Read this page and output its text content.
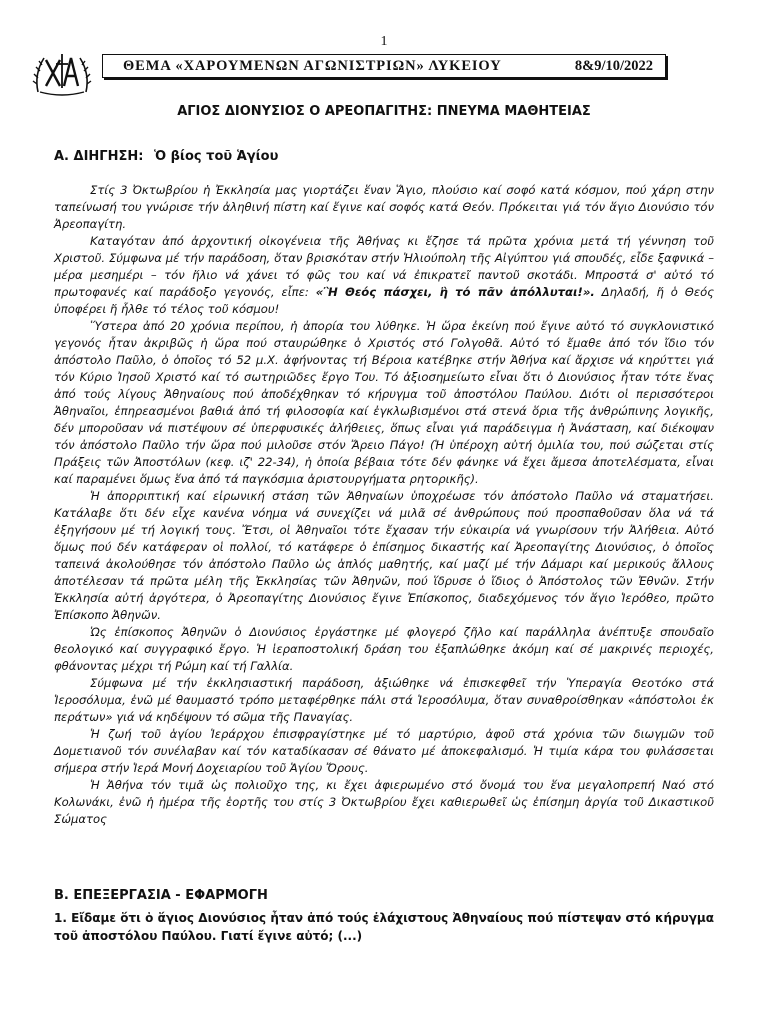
1
ΘΕΜΑ «ΧΑΡΟΥΜΕΝΩΝ ΑΓΩΝΙΣΤΡΙΩΝ» ΛΥΚΕΙΟΥ	8&9/10/2022
ΑΓΙΟΣ ΔΙΟΝΥΣΙΟΣ Ο ΑΡΕΟΠΑΓΙΤΗΣ: ΠΝΕΥΜΑ ΜΑΘΗΤΕΙΑΣ
Α. ΔΙΗΓΗΣΗ: Ὁ βίος τοῦ Ἁγίου

Στίς 3 Ὀκτωβρίου ἡ Ἐκκλησία μας γιορτάζει ἕναν Ἅγιο, πλούσιο καί σοφό κατά κόσμον, πού χάρη στην ταπείνωσή του γνώρισε τήν ἀληθινή πίστη καί ἔγινε καί σοφός κατά Θεόν. Πρόκειται γιά τόν ἅγιο Διονύσιο τόν Ἀρεοπαγίτη.

Καταγόταν ἀπό ἀρχοντική οἰκογένεια τῆς Ἀθήνας κι ἔζησε τά πρῶτα χρόνια μετά τή γέννηση τοῦ Χριστοῦ. Σύμφωνα μέ τήν παράδοση, ὅταν βρισκόταν στήν Ἡλιούπολη τῆς Αἰγύπτου γιά σπουδές, εἶδε ξαφνικά – μέρα μεσημέρι – τόν ἥλιο νά χάνει τό φῶς του καί νά ἐπικρατεῖ παντοῦ σκοτάδι. Μπροστά σ' αὐτό τό πρωτοφανές καί παράδοξο γεγονός, εἶπε: «Ἢ Θεός πάσχει, ἢ τό πᾶν ἀπόλλυται!». Δηλαδή, ἤ ὁ Θεός ὑποφέρει ἤ ἦλθε τό τέλος τοῦ κόσμου!

Ὕστερα ἀπό 20 χρόνια περίπου, ἡ ἀπορία του λύθηκε. Ἡ ὥρα ἐκείνη πού ἔγινε αὐτό τό συγκλονιστικό γεγονός ἦταν ἀκριβῶς ἡ ὥρα πού σταυρώθηκε ὁ Χριστός στό Γολγοθᾶ. Αὐτό τό ἔμαθε ἀπό τόν ἴδιο τόν ἀπόστολο Παῦλο, ὁ ὁποῖος τό 52 μ.Χ. ἀφήνοντας τή Βέροια κατέβηκε στήν Ἀθήνα καί ἄρχισε νά κηρύττει γιά τόν Κύριο Ἰησοῦ Χριστό καί τό σωτηριῶδες ἔργο Του. Τό ἀξιοσημείωτο εἶναι ὅτι ὁ Διονύσιος ἦταν τότε ἕνας ἀπό τούς λίγους Ἀθηναίους πού ἀποδέχθηκαν τό κήρυγμα τοῦ ἀποστόλου Παύλου. Διότι οἱ περισσότεροι Ἀθηναῖοι, ἐπηρεασμένοι βαθιά ἀπό τή φιλοσοφία καί ἐγκλωβισμένοι στά στενά ὅρια τῆς ἀνθρώπινης λογικῆς, δέν μποροῦσαν νά πιστέψουν σέ ὑπερφυσικές ἀλήθειες, ὅπως εἶναι γιά παράδειγμα ἡ Ἀνάσταση, καί διέκοψαν τόν ἀπόστολο Παῦλο τήν ὥρα πού μιλοῦσε στόν Ἄρειο Πάγο! (Ἡ ὑπέροχη αὐτή ὁμιλία του, πού σώζεται στίς Πράξεις τῶν Ἀποστόλων (κεφ. ιζ' 22-34), ἡ ὁποία βέβαια τότε δέν φάνηκε νά ἔχει ἄμεσα ἀποτελέσματα, εἶναι καί παραμένει ὅμως ἕνα ἀπό τά παγκόσμια ἀριστουργήματα ρητορικῆς).

Ἡ ἀπορριπτική καί εἰρωνική στάση τῶν Ἀθηναίων ὑποχρέωσε τόν ἀπόστολο Παῦλο νά σταματήσει. Κατάλαβε ὅτι δέν εἶχε κανένα νόημα νά συνεχίζει νά μιλᾶ σέ ἀνθρώπους πού προσπαθοῦσαν ὅλα νά τά ἐξηγήσουν μέ τή λογική τους. Ἔτσι, οἱ Ἀθηναῖοι τότε ἔχασαν τήν εὐκαιρία νά γνωρίσουν τήν Ἀλήθεια. Αὐτό ὅμως πού δέν κατάφεραν οἱ πολλοί, τό κατάφερε ὁ ἐπίσημος δικαστής καί Ἀρεοπαγίτης Διονύσιος, ὁ ὁποῖος ταπεινά ἀκολούθησε τόν ἀπόστολο Παῦλο ὡς ἁπλός μαθητής, καί μαζί μέ τήν Δάμαρι καί μερικούς ἄλλους ἀποτέλεσαν τά πρῶτα μέλη τῆς Ἐκκλησίας τῶν Ἀθηνῶν, πού ἵδρυσε ὁ ἴδιος ὁ Ἀπόστολος τῶν Ἐθνῶν. Στήν Ἐκκλησία αὐτή ἀργότερα, ὁ Ἀρεοπαγίτης Διονύσιος ἔγινε Ἐπίσκοπος, διαδεχόμενος τόν ἅγιο Ἱερόθεο, πρῶτο Ἐπίσκοπο Ἀθηνῶν.

Ὡς ἐπίσκοπος Ἀθηνῶν ὁ Διονύσιος ἐργάστηκε μέ φλογερό ζῆλο καί παράλληλα ἀνέπτυξε σπουδαῖο θεολογικό καί συγγραφικό ἔργο. Ἡ ἱεραποστολική δράση του ἐξαπλώθηκε ἀκόμη καί σέ μακρινές περιοχές, φθάνοντας μέχρι τή Ρώμη καί τή Γαλλία.

Σύμφωνα μέ τήν ἐκκλησιαστική παράδοση, ἀξιώθηκε νά ἐπισκεφθεῖ τήν Ὑπεραγία Θεοτόκο στά Ἱεροσόλυμα, ἐνῶ μέ θαυμαστό τρόπο μεταφέρθηκε πάλι στά Ἱεροσόλυμα, ὅταν συναθροίσθηκαν «ἀπόστολοι ἐκ περάτων» γιά νά κηδέψουν τό σῶμα τῆς Παναγίας.

Ἡ ζωή τοῦ ἁγίου Ἱεράρχου ἐπισφραγίστηκε μέ τό μαρτύριο, ἀφοῦ στά χρόνια τῶν διωγμῶν τοῦ Δομετιανοῦ τόν συνέλαβαν καί τόν καταδίκασαν σέ θάνατο μέ ἀποκεφαλισμό. Ἡ τιμία κάρα του φυλάσσεται σήμερα στήν Ἱερά Μονή Δοχειαρίου τοῦ Ἁγίου Ὄρους.

Ἡ Ἀθήνα τόν τιμᾶ ὡς πολιοῦχο της, κι ἔχει ἀφιερωμένο στό ὄνομά του ἕνα μεγαλοπρεπή Ναό στό Κολωνάκι, ἐνῶ ἡ ἡμέρα τῆς ἑορτῆς του στίς 3 Ὀκτωβρίου ἔχει καθιερωθεῖ ὡς ἐπίσημη ἀργία τοῦ Δικαστικοῦ Σώματος

Β. ΕΠΕΞΕΡΓΑΣΙΑ - ΕΦΑΡΜΟΓΗ
1. Εἴδαμε ὅτι ὁ ἅγιος Διονύσιος ἦταν ἀπό τούς ἐλάχιστους Ἀθηναίους πού πίστεψαν στό κήρυγμα τοῦ ἀποστόλου Παύλου. Γιατί ἔγινε αὐτό; (...)
